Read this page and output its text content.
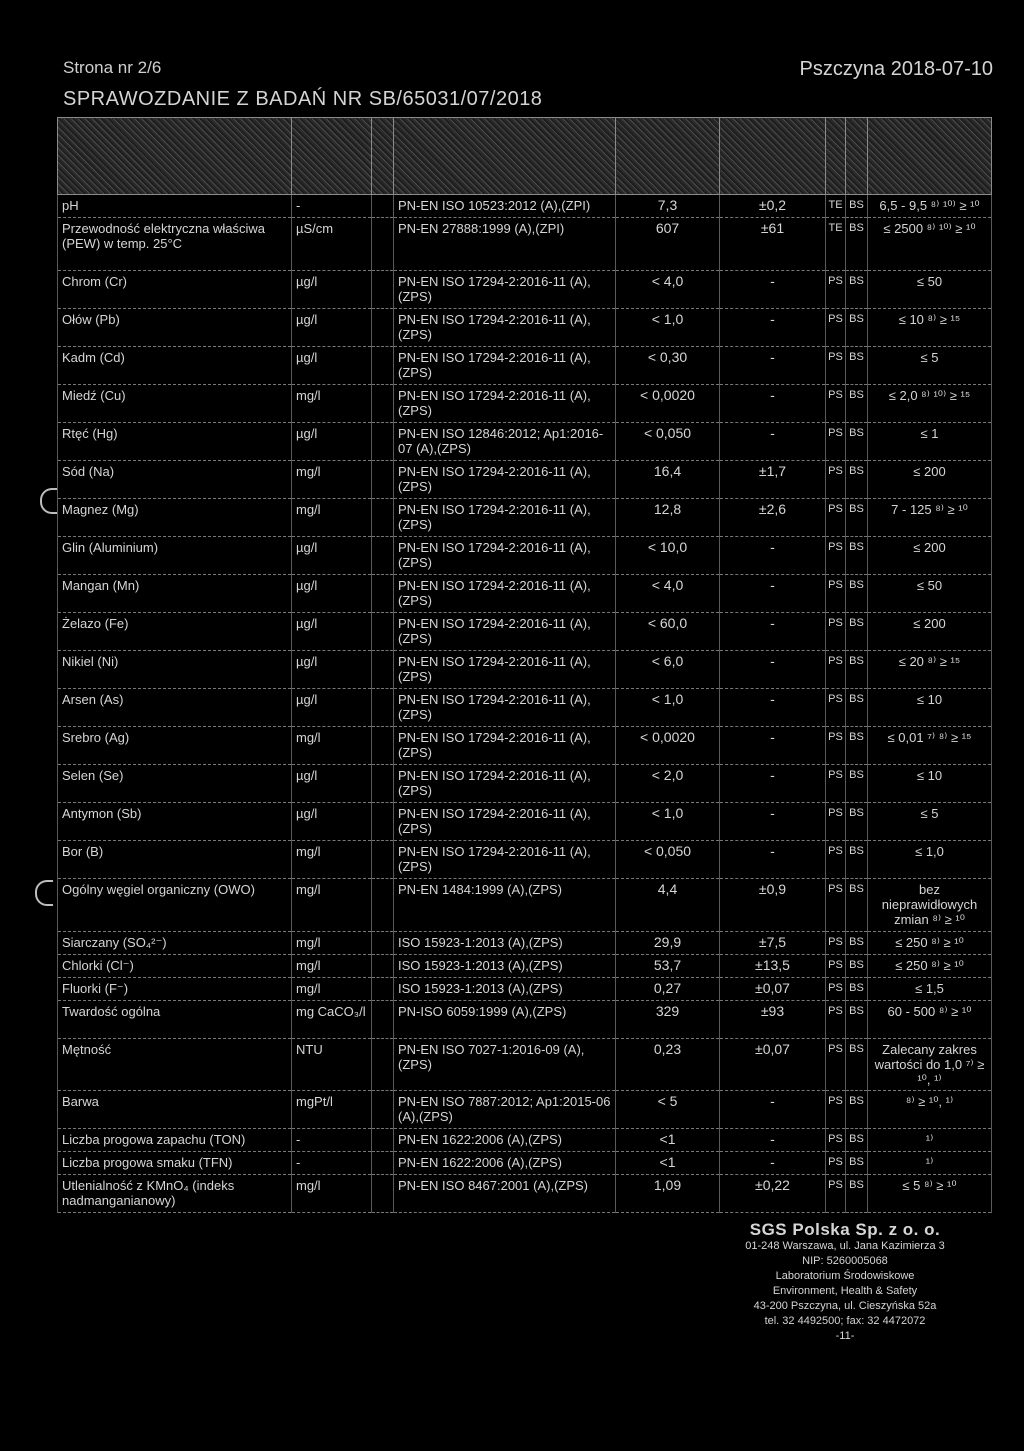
Strona nr 2/6
SPRAWOZDANIE Z BADAŃ NR SB/65031/07/2018
Pszczyna 2018-07-10

pH	-		PN-EN ISO 10523:2012 (A),(ZPI)	7,3	±0,2	TE	BS	6,5 - 9,5 ⁸⁾ ¹⁰⁾ ≥ ¹⁰
Przewodność elektryczna właściwa (PEW) w temp. 25°C	µS/cm		PN-EN 27888:1999 (A),(ZPI)	607	±61	TE	BS	≤ 2500 ⁸⁾ ¹⁰⁾ ≥ ¹⁰
Chrom (Cr)	µg/l		PN-EN ISO 17294-2:2016-11 (A),(ZPS)	< 4,0	-	PS	BS	≤ 50
Ołów (Pb)	µg/l		PN-EN ISO 17294-2:2016-11 (A),(ZPS)	< 1,0	-	PS	BS	≤ 10 ⁸⁾ ≥ ¹⁵
Kadm (Cd)	µg/l		PN-EN ISO 17294-2:2016-11 (A),(ZPS)	< 0,30	-	PS	BS	≤ 5
Miedź (Cu)	mg/l		PN-EN ISO 17294-2:2016-11 (A),(ZPS)	< 0,0020	-	PS	BS	≤ 2,0 ⁸⁾ ¹⁰⁾ ≥ ¹⁵
Rtęć (Hg)	µg/l		PN-EN ISO 12846:2012; Ap1:2016-07 (A),(ZPS)	< 0,050	-	PS	BS	≤ 1
Sód (Na)	mg/l		PN-EN ISO 17294-2:2016-11 (A),(ZPS)	16,4	±1,7	PS	BS	≤ 200
Magnez (Mg)	mg/l		PN-EN ISO 17294-2:2016-11 (A),(ZPS)	12,8	±2,6	PS	BS	7 - 125 ⁸⁾ ≥ ¹⁰
Glin (Aluminium)	µg/l		PN-EN ISO 17294-2:2016-11 (A),(ZPS)	< 10,0	-	PS	BS	≤ 200
Mangan (Mn)	µg/l		PN-EN ISO 17294-2:2016-11 (A),(ZPS)	< 4,0	-	PS	BS	≤ 50
Żelazo (Fe)	µg/l		PN-EN ISO 17294-2:2016-11 (A),(ZPS)	< 60,0	-	PS	BS	≤ 200
Nikiel (Ni)	µg/l		PN-EN ISO 17294-2:2016-11 (A),(ZPS)	< 6,0	-	PS	BS	≤ 20 ⁸⁾ ≥ ¹⁵
Arsen (As)	µg/l		PN-EN ISO 17294-2:2016-11 (A),(ZPS)	< 1,0	-	PS	BS	≤ 10
Srebro (Ag)	mg/l		PN-EN ISO 17294-2:2016-11 (A),(ZPS)	< 0,0020	-	PS	BS	≤ 0,01 ⁷⁾ ⁸⁾ ≥ ¹⁵
Selen (Se)	µg/l		PN-EN ISO 17294-2:2016-11 (A),(ZPS)	< 2,0	-	PS	BS	≤ 10
Antymon (Sb)	µg/l		PN-EN ISO 17294-2:2016-11 (A),(ZPS)	< 1,0	-	PS	BS	≤ 5
Bor (B)	mg/l		PN-EN ISO 17294-2:2016-11 (A),(ZPS)	< 0,050	-	PS	BS	≤ 1,0
Ogólny węgiel organiczny (OWO)	mg/l		PN-EN 1484:1999 (A),(ZPS)	4,4	±0,9	PS	BS	bez nieprawidłowych zmian ⁸⁾ ≥ ¹⁰
Siarczany (SO₄²⁻)	mg/l		ISO 15923-1:2013 (A),(ZPS)	29,9	±7,5	PS	BS	≤ 250 ⁸⁾ ≥ ¹⁰
Chlorki (Cl⁻)	mg/l		ISO 15923-1:2013 (A),(ZPS)	53,7	±13,5	PS	BS	≤ 250 ⁸⁾ ≥ ¹⁰
Fluorki (F⁻)	mg/l		ISO 15923-1:2013 (A),(ZPS)	0,27	±0,07	PS	BS	≤ 1,5
Twardość ogólna	mg CaCO₃/l		PN-ISO 6059:1999 (A),(ZPS)	329	±93	PS	BS	60 - 500 ⁸⁾ ≥ ¹⁰
Mętność	NTU		PN-EN ISO 7027-1:2016-09 (A),(ZPS)	0,23	±0,07	PS	BS	Zalecany zakres wartości do 1,0 ⁷⁾ ≥ ¹⁰, ¹⁾
Barwa	mgPt/l		PN-EN ISO 7887:2012; Ap1:2015-06 (A),(ZPS)	< 5	-	PS	BS	⁸⁾ ≥ ¹⁰, ¹⁾
Liczba progowa zapachu (TON)	-		PN-EN 1622:2006 (A),(ZPS)	<1	-	PS	BS	¹⁾
Liczba progowa smaku (TFN)	-		PN-EN 1622:2006 (A),(ZPS)	<1	-	PS	BS	¹⁾
Utlenialność z KMnO₄ (indeks nadmanganianowy)	mg/l		PN-EN ISO 8467:2001 (A),(ZPS)	1,09	±0,22	PS	BS	≤ 5 ⁸⁾ ≥ ¹⁰
SGS Polska Sp. z o. o.
01-248 Warszawa, ul. Jana Kazimierza 3
NIP: 5260005068
Laboratorium Środowiskowe
Environment, Health & Safety
43-200 Pszczyna, ul. Cieszyńska 52a
tel. 32 4492500; fax: 32 4472072
-11-
